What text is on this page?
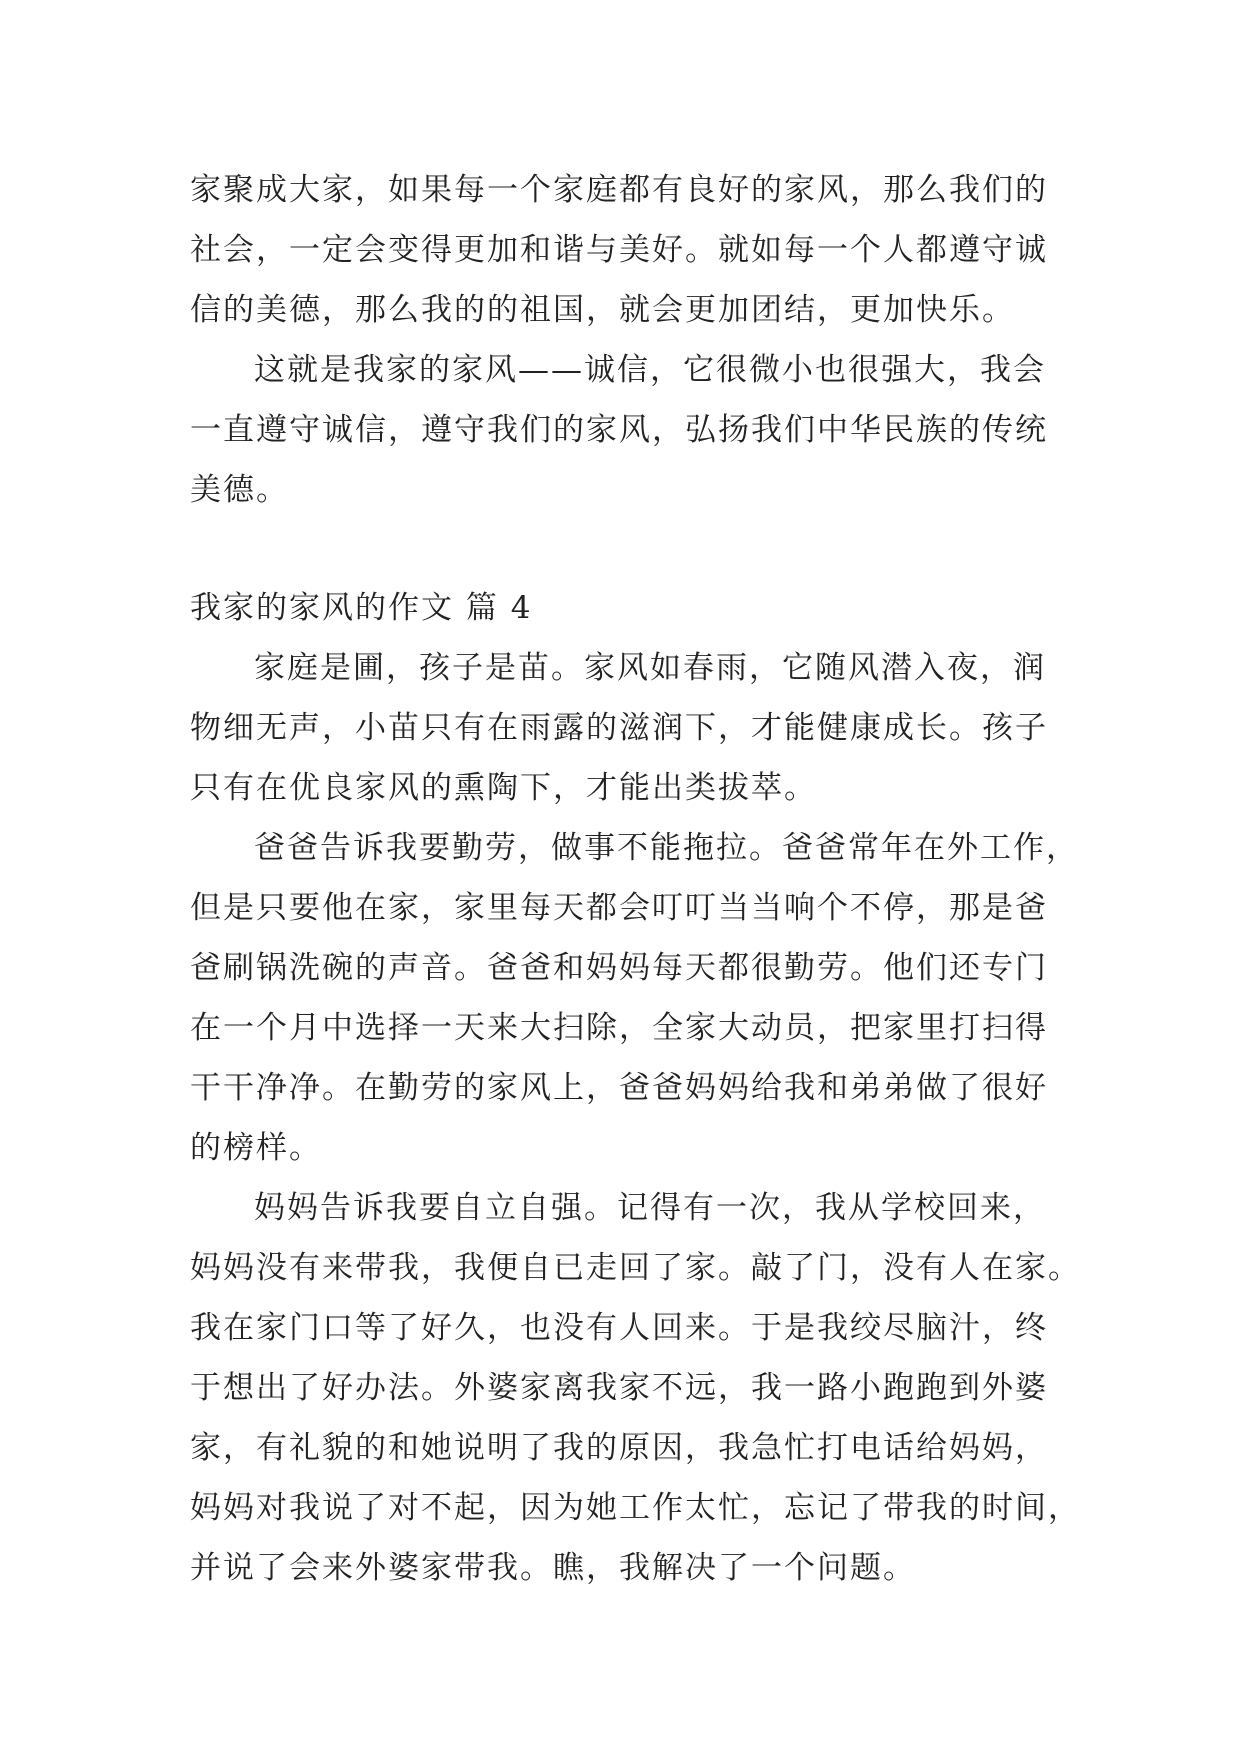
家聚成大家，如果每一个家庭都有良好的家风，那么我们的
社会，一定会变得更加和谐与美好。就如每一个人都遵守诚
信的美德，那么我的的祖国，就会更加团结，更加快乐。
这就是我家的家风——诚信，它很微小也很强大，我会
一直遵守诚信，遵守我们的家风，弘扬我们中华民族的传统
美德。
我家的家风的作文 篇 4
家庭是圃，孩子是苗。家风如春雨，它随风潜入夜，润
物细无声，小苗只有在雨露的滋润下，才能健康成长。孩子
只有在优良家风的熏陶下，才能出类拔萃。
爸爸告诉我要勤劳，做事不能拖拉。爸爸常年在外工作，
但是只要他在家，家里每天都会叮叮当当响个不停，那是爸
爸刷锅洗碗的声音。爸爸和妈妈每天都很勤劳。他们还专门
在一个月中选择一天来大扫除，全家大动员，把家里打扫得
干干净净。在勤劳的家风上，爸爸妈妈给我和弟弟做了很好
的榜样。
妈妈告诉我要自立自强。记得有一次，我从学校回来，
妈妈没有来带我，我便自已走回了家。敲了门，没有人在家。
我在家门口等了好久，也没有人回来。于是我绞尽脑汁，终
于想出了好办法。外婆家离我家不远，我一路小跑跑到外婆
家，有礼貌的和她说明了我的原因，我急忙打电话给妈妈，
妈妈对我说了对不起，因为她工作太忙，忘记了带我的时间，
并说了会来外婆家带我。瞧，我解决了一个问题。
